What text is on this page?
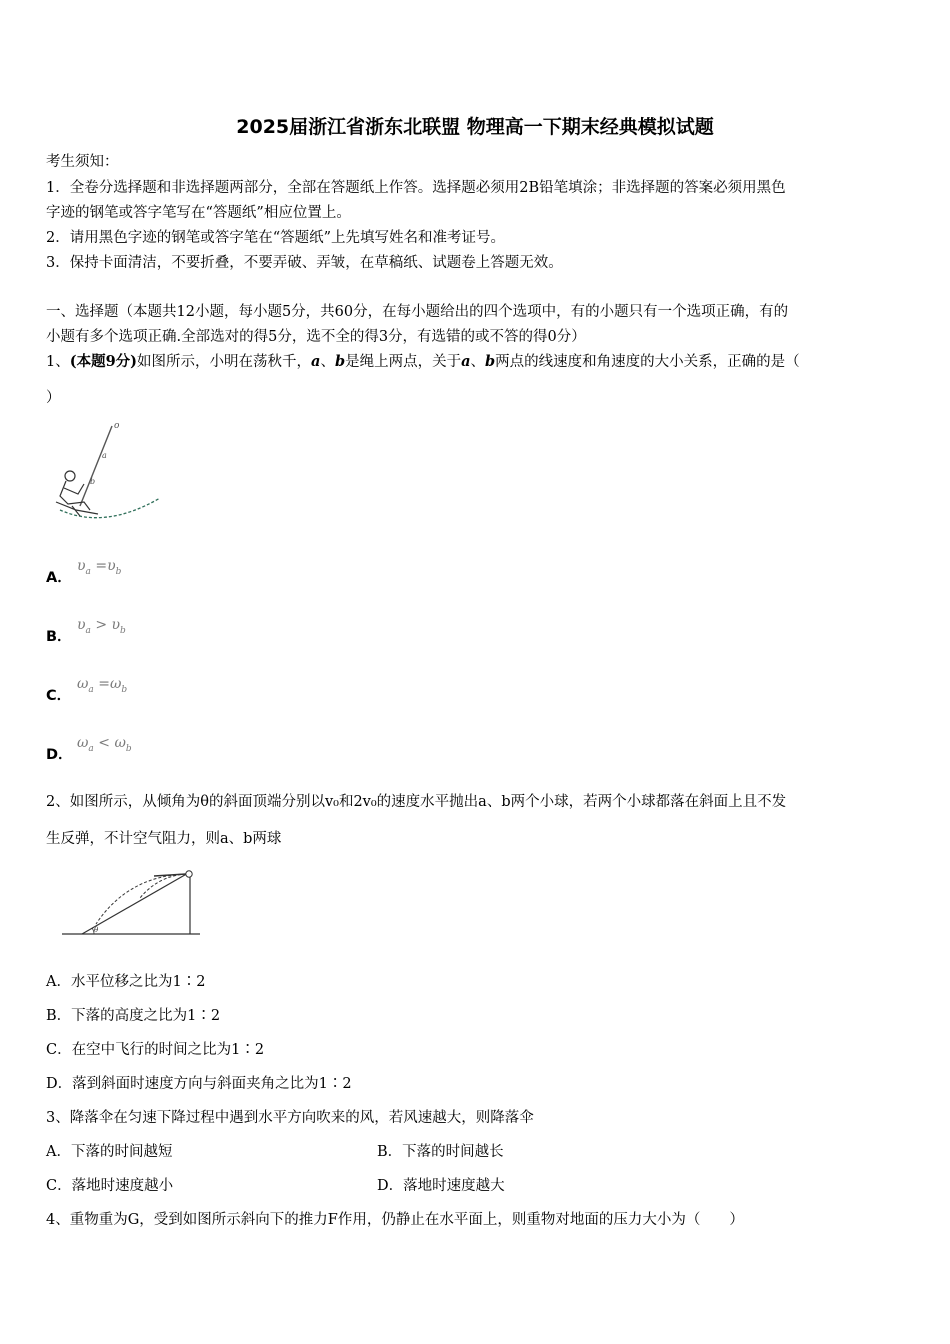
2025届浙江省浙东北联盟 物理高一下期末经典模拟试题
考生须知：
1．全卷分选择题和非选择题两部分，全部在答题纸上作答。选择题必须用2B铅笔填涂；非选择题的答案必须用黑色
字迹的钢笔或答字笔写在“答题纸”相应位置上。
2．请用黑色字迹的钢笔或答字笔在“答题纸”上先填写姓名和准考证号。
3．保持卡面清洁，不要折叠，不要弄破、弄皱，在草稿纸、试题卷上答题无效。
一、选择题（本题共12小题，每小题5分，共60分，在每小题给出的四个选项中，有的小题只有一个选项正确，有的
小题有多个选项正确.全部选对的得5分，选不全的得3分，有选错的或不答的得0分）
1、(本题9分)如图所示，小明在荡秋千，a、b是绳上两点，关于a、b两点的线速度和角速度的大小关系，正确的是（
）
o
a
b
A．
$\upsilon_a =\upsilon_b$
B．
$\upsilon_a > \upsilon_b$
C．
$\omega_a =\omega_b$
D．
$\omega_a < \omega_b$
2、如图所示，从倾角为θ的斜面顶端分别以v₀和2v₀的速度水平抛出a、b两个小球，若两个小球都落在斜面上且不发
生反弹，不计空气阻力，则a、b两球
θ
A．水平位移之比为1∶2
B．下落的高度之比为1∶2
C．在空中飞行的时间之比为1∶2
D．落到斜面时速度方向与斜面夹角之比为1∶2
3、降落伞在匀速下降过程中遇到水平方向吹来的风，若风速越大，则降落伞
A．下落的时间越短	B．下落的时间越长
C．落地时速度越小	D．落地时速度越大
4、重物重为G，受到如图所示斜向下的推力F作用，仍静止在水平面上，则重物对地面的压力大小为（　　）
